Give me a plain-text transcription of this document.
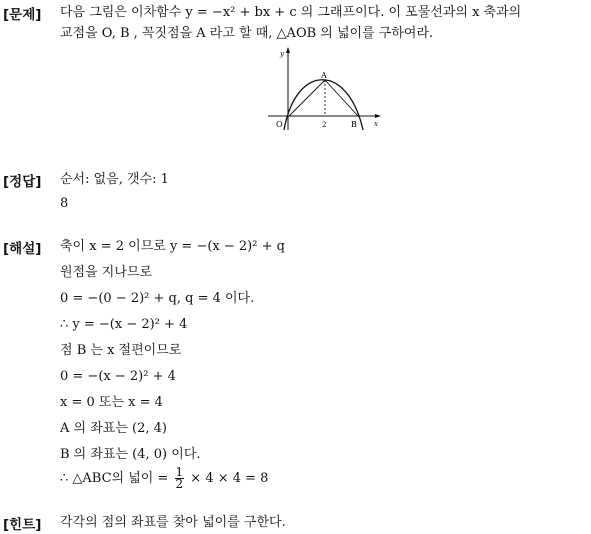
[문제] 다음 그림은 이차함수 y = −x² + bx + c 의 그래프이다. 이 포물선과의 x 축과의
교점을 O, B , 꼭짓점을 A 라고 할 때, △AOB 의 넓이를 구하여라.
y
x
O
A
B
2
[정답] 순서: 없음, 갯수: 1
8
[해설] 축이 x = 2 이므로 y = −(x − 2)² + q
원점을 지나므로
0 = −(0 − 2)² + q, q = 4 이다.
∴ y = −(x − 2)² + 4
점 B 는 x 절편이므로
0 = −(x − 2)² + 4
x = 0 또는 x = 4
A 의 좌표는 (2, 4)
B 의 좌표는 (4, 0) 이다.
∴ △ABC의 넓이 = $\frac{1}{2} \times 4 \times 4 = 8$
[힌트] 각각의 점의 좌표를 찾아 넓이를 구한다.
